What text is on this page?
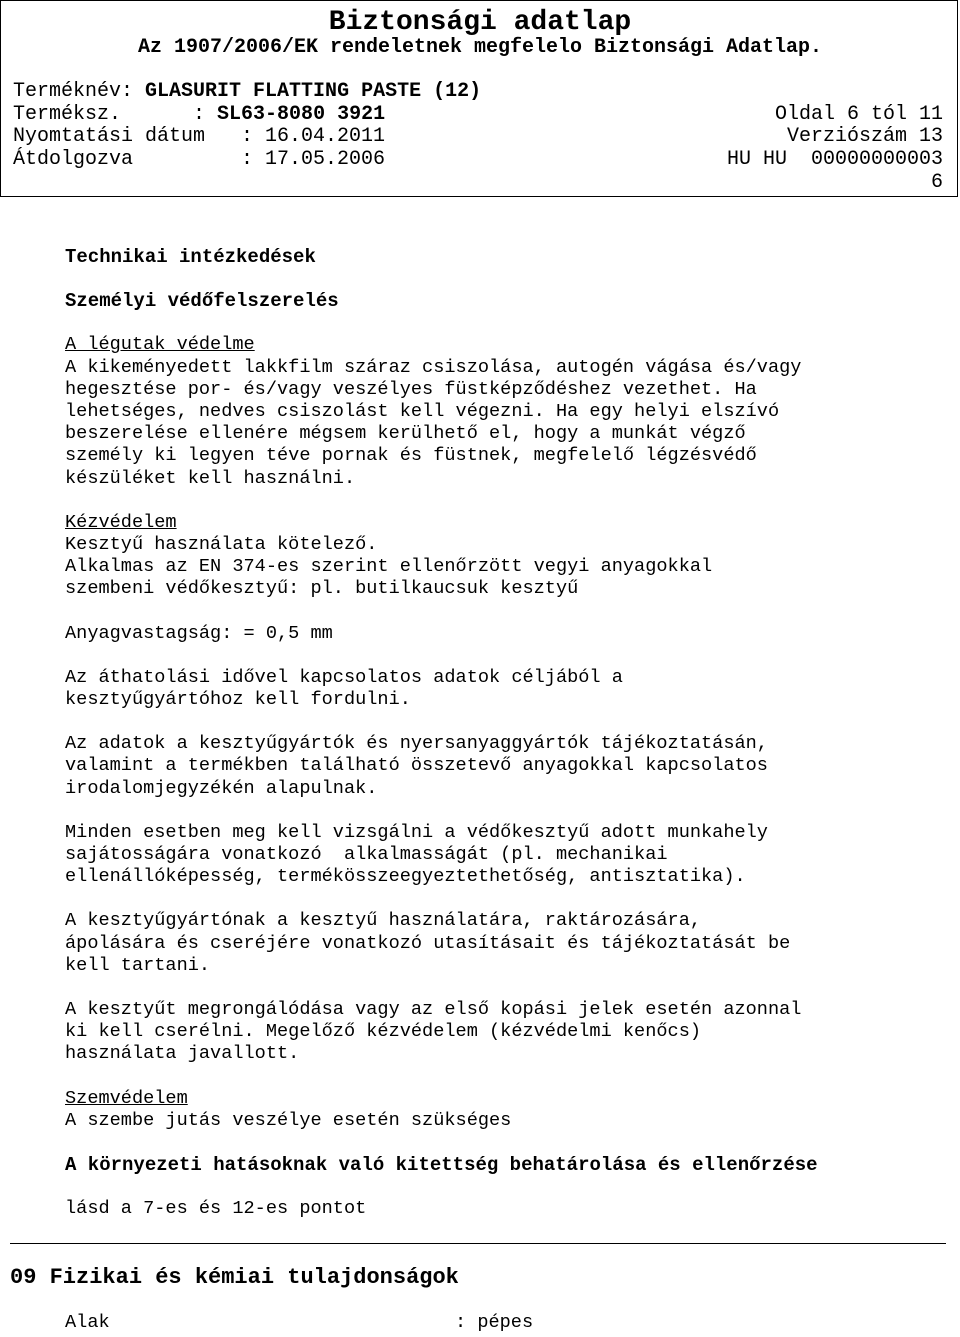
Biztonsági adatlap
Az 1907/2006/EK rendeletnek megfelelo Biztonsági Adatlap.
Terméknév: GLASURIT FLATTING PASTE (12)
Terméksz.      : SL63-8080 3921	Oldal 6 tól 11
Nyomtatási dátum   : 16.04.2011	Verziószám 13
Átdolgozva         : 17.05.2006	HU HU  00000000003
6

Technikai intézkedések

Személyi védőfelszerelés

A légutak védelme

A kikeményedett lakkfilm száraz csiszolása, autogén vágása és/vagy

hegesztése por- és/vagy veszélyes füstképződéshez vezethet. Ha

lehetséges, nedves csiszolást kell végezni. Ha egy helyi elszívó

beszerelése ellenére mégsem kerülhető el, hogy a munkát végző

személy ki legyen téve pornak és füstnek, megfelelő légzésvédő

készüléket kell használni.

Kézvédelem

Kesztyű használata kötelező.

Alkalmas az EN 374-es szerint ellenőrzött vegyi anyagokkal

szembeni védőkesztyű: pl. butilkaucsuk kesztyű

Anyagvastagság: = 0,5 mm

Az áthatolási idővel kapcsolatos adatok céljából a

kesztyűgyártóhoz kell fordulni.

Az adatok a kesztyűgyártók és nyersanyaggyártók tájékoztatásán,

valamint a termékben található összetevő anyagokkal kapcsolatos

irodalomjegyzékén alapulnak.

Minden esetben meg kell vizsgálni a védőkesztyű adott munkahely

sajátosságára vonatkozó  alkalmasságát (pl. mechanikai

ellenállóképesség, termékösszeegyeztethetőség, antisztatika).

A kesztyűgyártónak a kesztyű használatára, raktározására,

ápolására és cseréjére vonatkozó utasításait és tájékoztatását be

kell tartani.

A kesztyűt megrongálódása vagy az első kopási jelek esetén azonnal

ki kell cserélni. Megelőző kézvédelem (kézvédelmi kenőcs)

használata javallott.

Szemvédelem

A szembe jutás veszélye esetén szükséges

A környezeti hatásoknak való kitettség behatárolása és ellenőrzése

lásd a 7-es és 12-es pontot

09 Fizikai és kémiai tulajdonságok
Alak	: pépes
